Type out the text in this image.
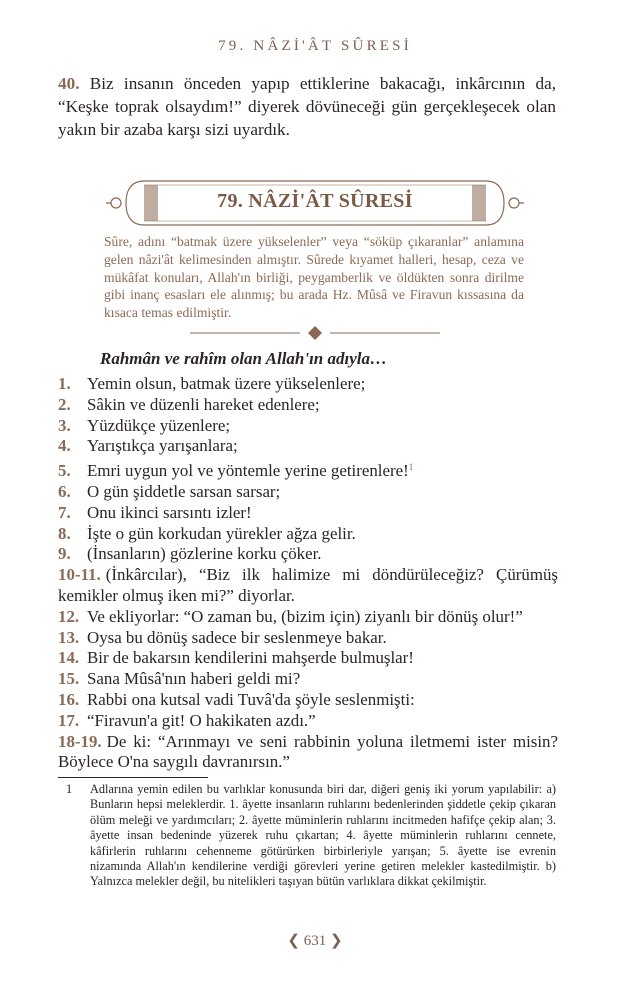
79. NÂZİ'ÂT SÛRESİ
40. Biz insanın önceden yapıp ettiklerine bakacağı, inkârcının da, “Keşke toprak olsaydım!” diyerek dövüneceği gün gerçekleşecek olan yakın bir azaba karşı sizi uyardık.
79. NÂZİ'ÂT SÛRESİ
Sûre, adını “batmak üzere yükselenler” veya “söküp çıkaranlar” anlamına gelen nâzi'ât kelimesinden almıştır. Sûrede kıyamet halleri, hesap, ceza ve mükâfat konuları, Allah'ın birliği, peygamberlik ve öldükten sonra dirilme gibi inanç esasları ele alınmış; bu arada Hz. Mûsâ ve Firavun kıssasına da kısaca temas edilmiştir.
Rahmân ve rahîm olan Allah'ın adıyla…
1. Yemin olsun, batmak üzere yükselenlere;
2. Sâkin ve düzenli hareket edenlere;
3. Yüzdükçe yüzenlere;
4. Yarıştıkça yarışanlara;
5. Emri uygun yol ve yöntemle yerine getirenlere!$^1$
6. O gün şiddetle sarsan sarsar;
7. Onu ikinci sarsıntı izler!
8. İşte o gün korkudan yürekler ağza gelir.
9. (İnsanların) gözlerine korku çöker.
10-11. (İnkârcılar), “Biz ilk halimize mi döndürüleceğiz? Çürümüş kemikler olmuş iken mi?” diyorlar.
12. Ve ekliyorlar: “O zaman bu, (bizim için) ziyanlı bir dönüş olur!”
13. Oysa bu dönüş sadece bir seslenmeye bakar.
14. Bir de bakarsın kendilerini mahşerde bulmuşlar!
15. Sana Mûsâ'nın haberi geldi mi?
16. Rabbi ona kutsal vadi Tuvâ'da şöyle seslenmişti:
17. “Firavun'a git! O hakikaten azdı.”
18-19. De ki: “Arınmayı ve seni rabbinin yoluna iletmemi ister misin? Böylece O'na saygılı davranırsın.”
1 Adlarına yemin edilen bu varlıklar konusunda biri dar, diğeri geniş iki yorum yapılabilir: a) Bunların hepsi meleklerdir. 1. âyette insanların ruhlarını bedenlerinden şiddetle çekip çıkaran ölüm meleği ve yardımcıları; 2. âyette müminlerin ruhlarını incitmeden hafifçe çekip alan; 3. âyette insan bedeninde yüzerek ruhu çıkartan; 4. âyette müminlerin ruhlarını cennete, kâfirlerin ruhlarını cehenneme götürürken birbirleriyle yarışan; 5. âyette ise evrenin nizamında Allah'ın kendilerine verdiği görevleri yerine getiren melekler kastedilmiştir. b) Yalnızca melekler değil, bu nitelikleri taşıyan bütün varlıklara dikkat çekilmiştir.
❮ 631 ❯
